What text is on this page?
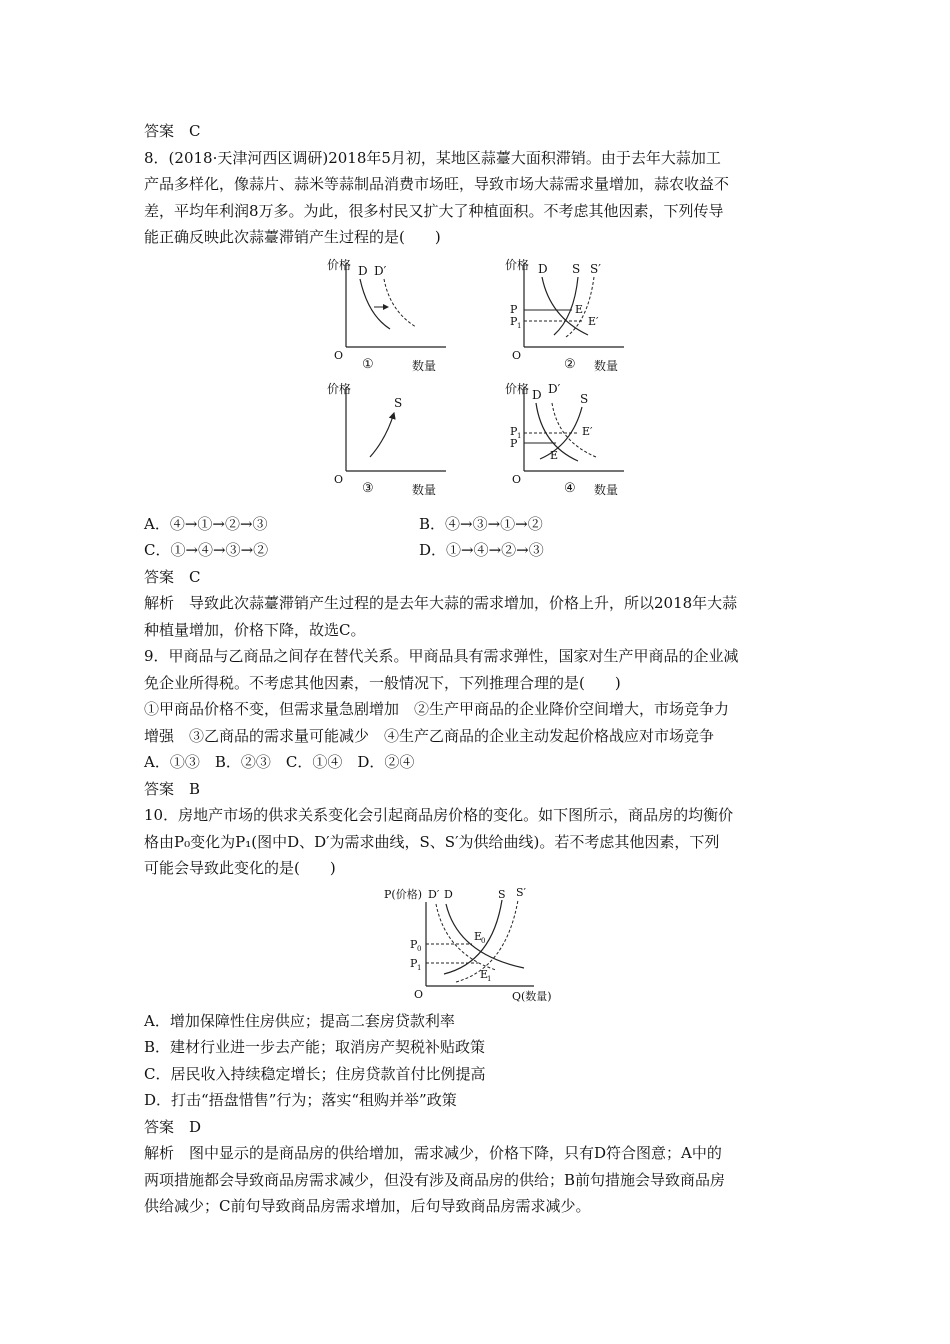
答案　C
8．(2018·天津河西区调研)2018年5月初，某地区蒜薹大面积滞销。由于去年大蒜加工
产品多样化，像蒜片、蒜米等蒜制品消费市场旺，导致市场大蒜需求量增加，蒜农收益不
差，平均年利润8万多。为此，很多村民又扩大了种植面积。不考虑其他因素，下列传导
能正确反映此次蒜薹滞销产生过程的是(　　)
价格
O
D D′
数量
①
价格
O
D S S′
P
P 1
E
E′
数量
②
价格
O
S
数量
③
价格
O
D D′
S
P 1
P
E
E′
数量
④
A．④→①→②→③	B．④→③→①→②
C．①→④→③→②	D．①→④→②→③
答案　C
解析　导致此次蒜薹滞销产生过程的是去年大蒜的需求增加，价格上升，所以2018年大蒜
种植量增加，价格下降，故选C。
9．甲商品与乙商品之间存在替代关系。甲商品具有需求弹性，国家对生产甲商品的企业减
免企业所得税。不考虑其他因素，一般情况下，下列推理合理的是(　　)
①甲商品价格不变，但需求量急剧增加　②生产甲商品的企业降价空间增大，市场竞争力
增强　③乙商品的需求量可能减少　④生产乙商品的企业主动发起价格战应对市场竞争
A．①③　B．②③　C．①④　D．②④
答案　B
10．房地产市场的供求关系变化会引起商品房价格的变化。如下图所示，商品房的均衡价
格由P₀变化为P₁(图中D、D′为需求曲线，S、S′为供给曲线)。若不考虑其他因素，下列
可能会导致此变化的是(　　)
P(价格)
O	Q(数量)
D′ D	S S′
P 0
P 1
E
0
E
1
A．增加保障性住房供应；提高二套房贷款利率
B．建材行业进一步去产能；取消房产契税补贴政策
C．居民收入持续稳定增长；住房贷款首付比例提高
D．打击“捂盘惜售”行为；落实“租购并举”政策
答案　D
解析　图中显示的是商品房的供给增加，需求减少，价格下降，只有D符合图意；A中的
两项措施都会导致商品房需求减少，但没有涉及商品房的供给；B前句措施会导致商品房
供给减少；C前句导致商品房需求增加，后句导致商品房需求减少。
